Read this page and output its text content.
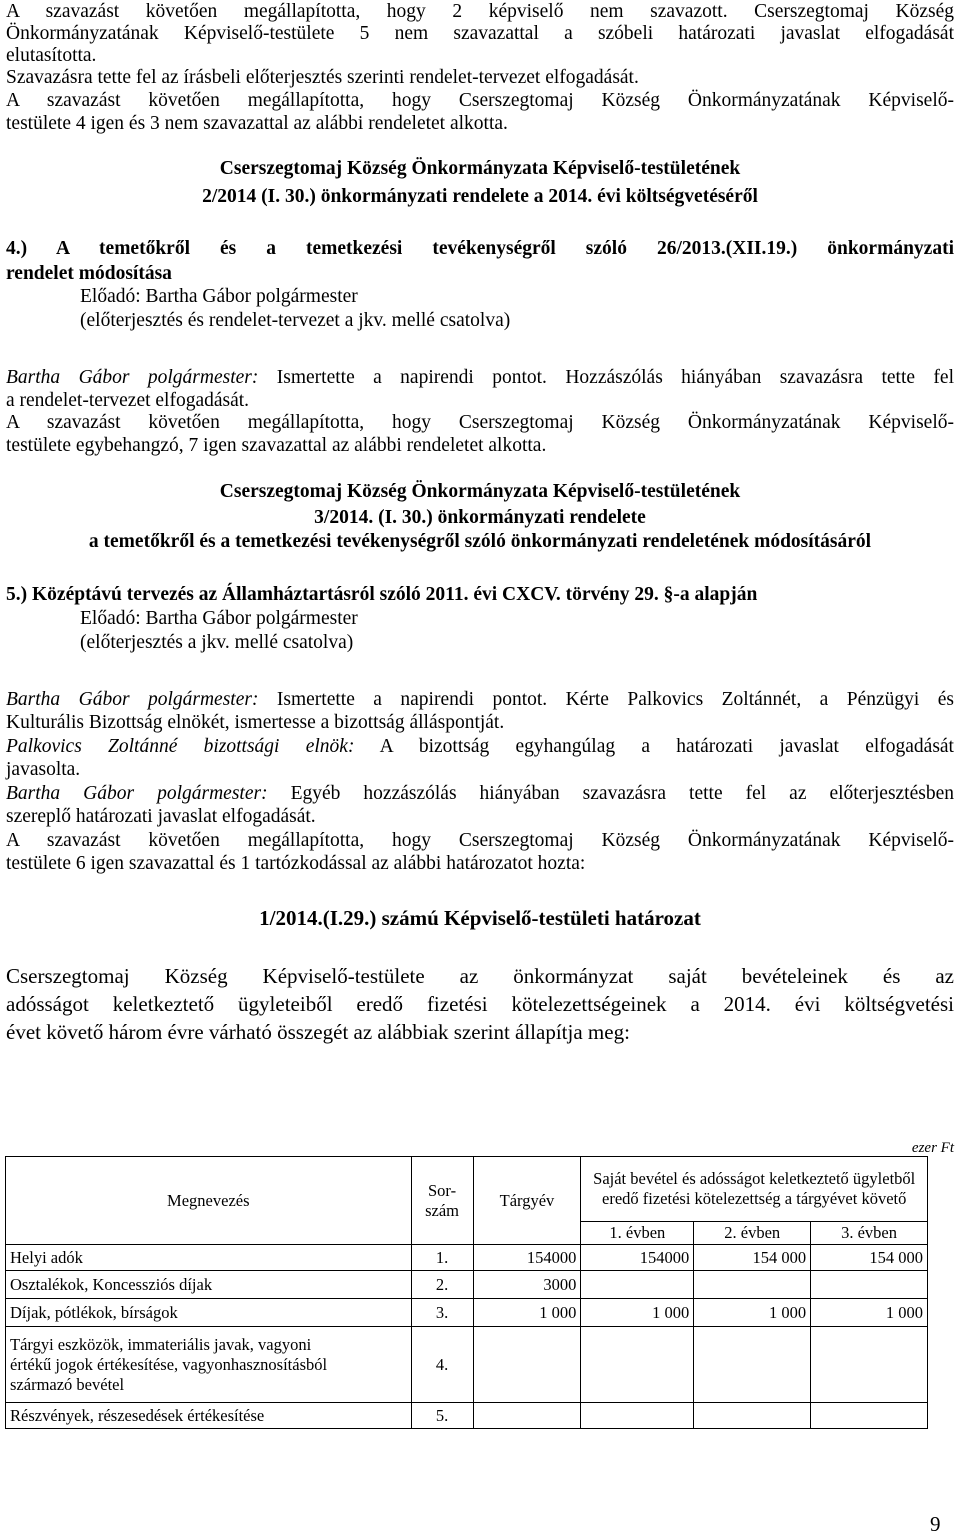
A szavazást követően megállapította, hogy 2 képviselő nem szavazott. Cserszegtomaj Község
Önkormányzatának Képviselő-testülete 5 nem szavazattal a szóbeli határozati javaslat elfogadását
elutasította.
Szavazásra tette fel az írásbeli előterjesztés szerinti rendelet-tervezet elfogadását.
A szavazást követően megállapította, hogy Cserszegtomaj Község Önkormányzatának Képviselő-
testülete 4 igen és 3 nem szavazattal az alábbi rendeletet alkotta.
Cserszegtomaj Község Önkormányzata Képviselő-testületének
2/2014 (I. 30.) önkormányzati rendelete a 2014. évi költségvetéséről
4.) A temetőkről és a temetkezési tevékenységről szóló 26/2013.(XII.19.) önkormányzati
rendelet módosítása
Előadó: Bartha Gábor polgármester
(előterjesztés és rendelet-tervezet a jkv. mellé csatolva)
Bartha Gábor polgármester: Ismertette a napirendi pontot. Hozzászólás hiányában szavazásra tette fel
a rendelet-tervezet elfogadását.
A szavazást követően megállapította, hogy Cserszegtomaj Község Önkormányzatának Képviselő-
testülete egybehangzó, 7 igen szavazattal az alábbi rendeletet alkotta.
Cserszegtomaj Község Önkormányzata Képviselő-testületének
3/2014. (I. 30.) önkormányzati rendelete
a temetőkről és a temetkezési tevékenységről szóló önkormányzati rendeletének módosításáról
5.) Középtávú tervezés az Államháztartásról szóló 2011. évi CXCV. törvény 29. §-a alapján
Előadó: Bartha Gábor polgármester
(előterjesztés a jkv. mellé csatolva)
Bartha Gábor polgármester: Ismertette a napirendi pontot. Kérte Palkovics Zoltánnét, a Pénzügyi és
Kulturális Bizottság elnökét, ismertesse a bizottság álláspontját.
Palkovics Zoltánné bizottsági elnök: A bizottság egyhangúlag a határozati javaslat elfogadását
javasolta.
Bartha Gábor polgármester: Egyéb hozzászólás hiányában szavazásra tette fel az előterjesztésben
szereplő határozati javaslat elfogadását.
A szavazást követően megállapította, hogy Cserszegtomaj Község Önkormányzatának Képviselő-
testülete 6 igen szavazattal és 1 tartózkodással az alábbi határozatot hozta:
1/2014.(I.29.) számú Képviselő-testületi határozat
Cserszegtomaj Község Képviselő-testülete az önkormányzat saját bevételeinek és az
adósságot keletkeztető ügyleteiből eredő fizetési kötelezettségeinek a 2014. évi költségvetési
évet követő három évre várható összegét az alábbiak szerint állapítja meg:
ezer Ft
Megnevezés	Sor-szám	Tárgyév	Saját bevétel és adósságot keletkeztető ügyletből eredő fizetési kötelezettség a tárgyévet követő		
			1. évben	2. évben	3. évben
Helyi adók	1.	154000	154000	154 000	154 000
Osztalékok, Koncessziós díjak	2.	3000			
Díjak, pótlékok, bírságok	3.	1 000	1 000	1 000	1 000
Tárgyi eszközök, immateriális javak, vagyoni értékű jogok értékesítése, vagyonhasznosításból származó bevétel	4.				
Részvények, részesedések értékesítése	5.				
9
